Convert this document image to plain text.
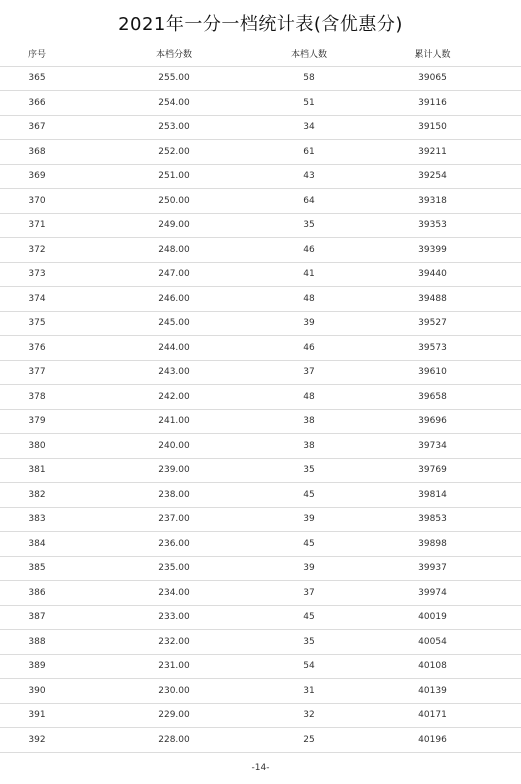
2021年一分一档统计表(含优惠分)
序号	本档分数	本档人数	累计人数
365	255.00	58	39065
366	254.00	51	39116
367	253.00	34	39150
368	252.00	61	39211
369	251.00	43	39254
370	250.00	64	39318
371	249.00	35	39353
372	248.00	46	39399
373	247.00	41	39440
374	246.00	48	39488
375	245.00	39	39527
376	244.00	46	39573
377	243.00	37	39610
378	242.00	48	39658
379	241.00	38	39696
380	240.00	38	39734
381	239.00	35	39769
382	238.00	45	39814
383	237.00	39	39853
384	236.00	45	39898
385	235.00	39	39937
386	234.00	37	39974
387	233.00	45	40019
388	232.00	35	40054
389	231.00	54	40108
390	230.00	31	40139
391	229.00	32	40171
392	228.00	25	40196
-14-
